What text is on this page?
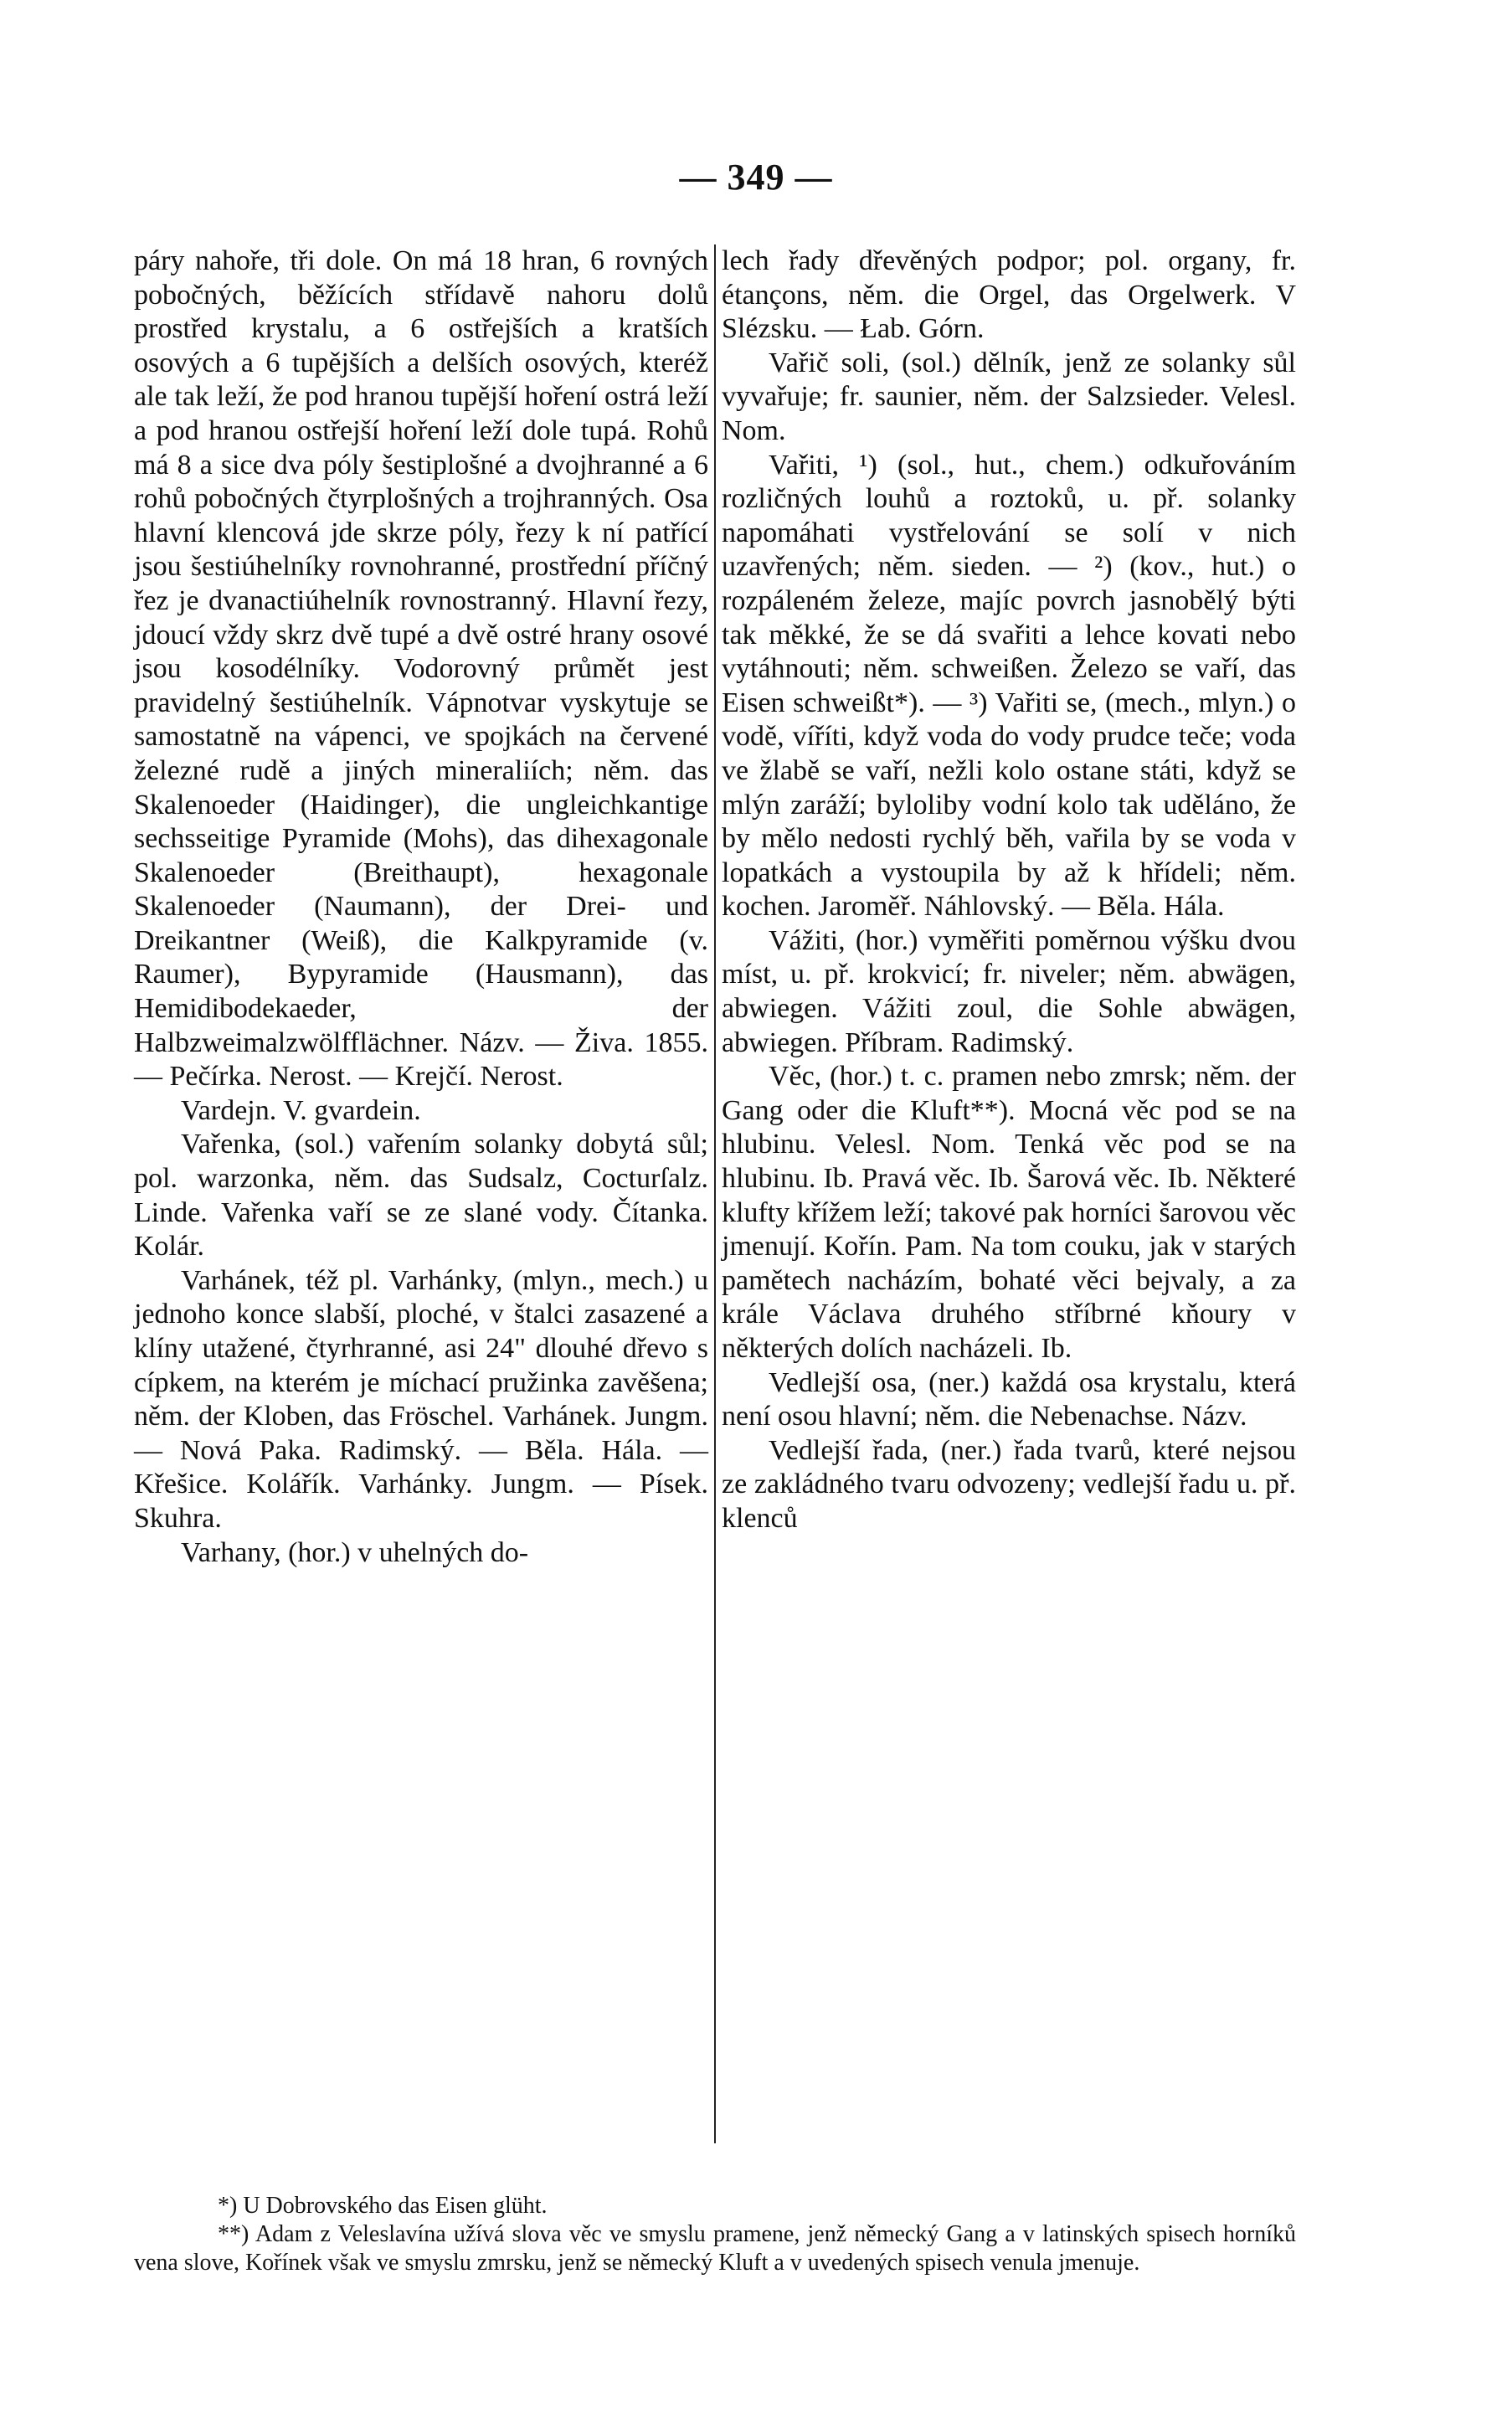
— 349 —

páry nahoře, tři dole. On má 18 hran, 6 rovných pobočných, běžících střídavě nahoru dolů prostřed krystalu, a 6 ostřejších a kratších osových a 6 tupějších a delších osových, kteréž ale tak leží, že pod hranou tupější hoření ostrá leží a pod hranou ostřejší hoření leží dole tupá. Rohů má 8 a sice dva póly šestiplošné a dvojhranné a 6 rohů pobočných čtyrplošných a trojhranných. Osa hlavní klencová jde skrze póly, řezy k ní patřící jsou šestiúhelníky rovnohranné, prostřední příčný řez je dvanactiúhelník rovnostranný. Hlavní řezy, jdoucí vždy skrz dvě tupé a dvě ostré hrany osové jsou kosodélníky. Vodorovný průmět jest pravidelný šestiúhelník. Vápnotvar vyskytuje se samostatně na vápenci, ve spojkách na červené železné rudě a jiných mineraliích; něm. das Skalenoeder (Haidinger), die ungleichkantige sechsseitige Pyramide (Mohs), das dihexagonale Skalenoeder (Breithaupt), hexagonale Skalenoeder (Naumann), der Drei- und Dreikantner (Weiß), die Kalkpyramide (v. Raumer), Bypyramide (Hausmann), das Hemidibodekaeder, der Halbzweimalzwölfflächner. Názv. — Živa. 1855. — Pečírka. Nerost. — Krejčí. Nerost.

Vardejn. V. gvardein.

Vařenka, (sol.) vařením solanky dobytá sůl; pol. warzonka, něm. das Sudsalz, Cocturſalz. Linde. Vařenka vaří se ze slané vody. Čítanka. Kolár.

Varhánek, též pl. Varhánky, (mlyn., mech.) u jednoho konce slabší, ploché, v štalci zasazené a klíny utažené, čtyrhranné, asi 24" dlouhé dřevo s cípkem, na kterém je míchací pružinka zavěšena; něm. der Kloben, das Fröschel. Varhánek. Jungm. — Nová Paka. Radimský. — Běla. Hála. — Křešice. Kolářík. Varhánky. Jungm. — Písek. Skuhra.

Varhany, (hor.) v uhelných do-

lech řady dřevěných podpor; pol. organy, fr. étançons, něm. die Orgel, das Orgelwerk. V Slézsku. — Łab. Górn.

Vařič soli, (sol.) dělník, jenž ze solanky sůl vyvařuje; fr. saunier, něm. der Salzsieder. Velesl. Nom.

Vařiti, ¹) (sol., hut., chem.) odkuřováním rozličných louhů a roztoků, u. př. solanky napomáhati vystřelování se solí v nich uzavřených; něm. sieden. — ²) (kov., hut.) o rozpáleném železe, majíc povrch jasnobělý býti tak měkké, že se dá svařiti a lehce kovati nebo vytáhnouti; něm. schweißen. Železo se vaří, das Eisen schweißt*). — ³) Vařiti se, (mech., mlyn.) o vodě, víříti, když voda do vody prudce teče; voda ve žlabě se vaří, nežli kolo ostane státi, když se mlýn zaráží; byloliby vodní kolo tak uděláno, že by mělo nedosti rychlý běh, vařila by se voda v lopatkách a vystoupila by až k hřídeli; něm. kochen. Jaroměř. Náhlovský. — Běla. Hála.

Vážiti, (hor.) vyměřiti poměrnou výšku dvou míst, u. př. krokvicí; fr. niveler; něm. abwägen, abwiegen. Vážiti zoul, die Sohle abwägen, abwiegen. Příbram. Radimský.

Věc, (hor.) t. c. pramen nebo zmrsk; něm. der Gang oder die Kluft**). Mocná věc pod se na hlubinu. Velesl. Nom. Tenká věc pod se na hlubinu. Ib. Pravá věc. Ib. Šarová věc. Ib. Některé klufty křížem leží; takové pak horníci šarovou věc jmenují. Kořín. Pam. Na tom couku, jak v starých pamětech nacházím, bohaté věci bejvaly, a za krále Václava druhého stříbrné kňoury v některých dolích nacházeli. Ib.

Vedlejší osa, (ner.) každá osa krystalu, která není osou hlavní; něm. die Nebenachse. Názv.

Vedlejší řada, (ner.) řada tvarů, které nejsou ze zakládného tvaru odvozeny; vedlejší řadu u. př. klenců

*) U Dobrovského das Eisen glüht.

**) Adam z Veleslavína užívá slova věc ve smyslu pramene, jenž německý Gang a v latinských spisech horníků vena slove, Kořínek však ve smyslu zmrsku, jenž se německý Kluft a v uvedených spisech venula jmenuje.
